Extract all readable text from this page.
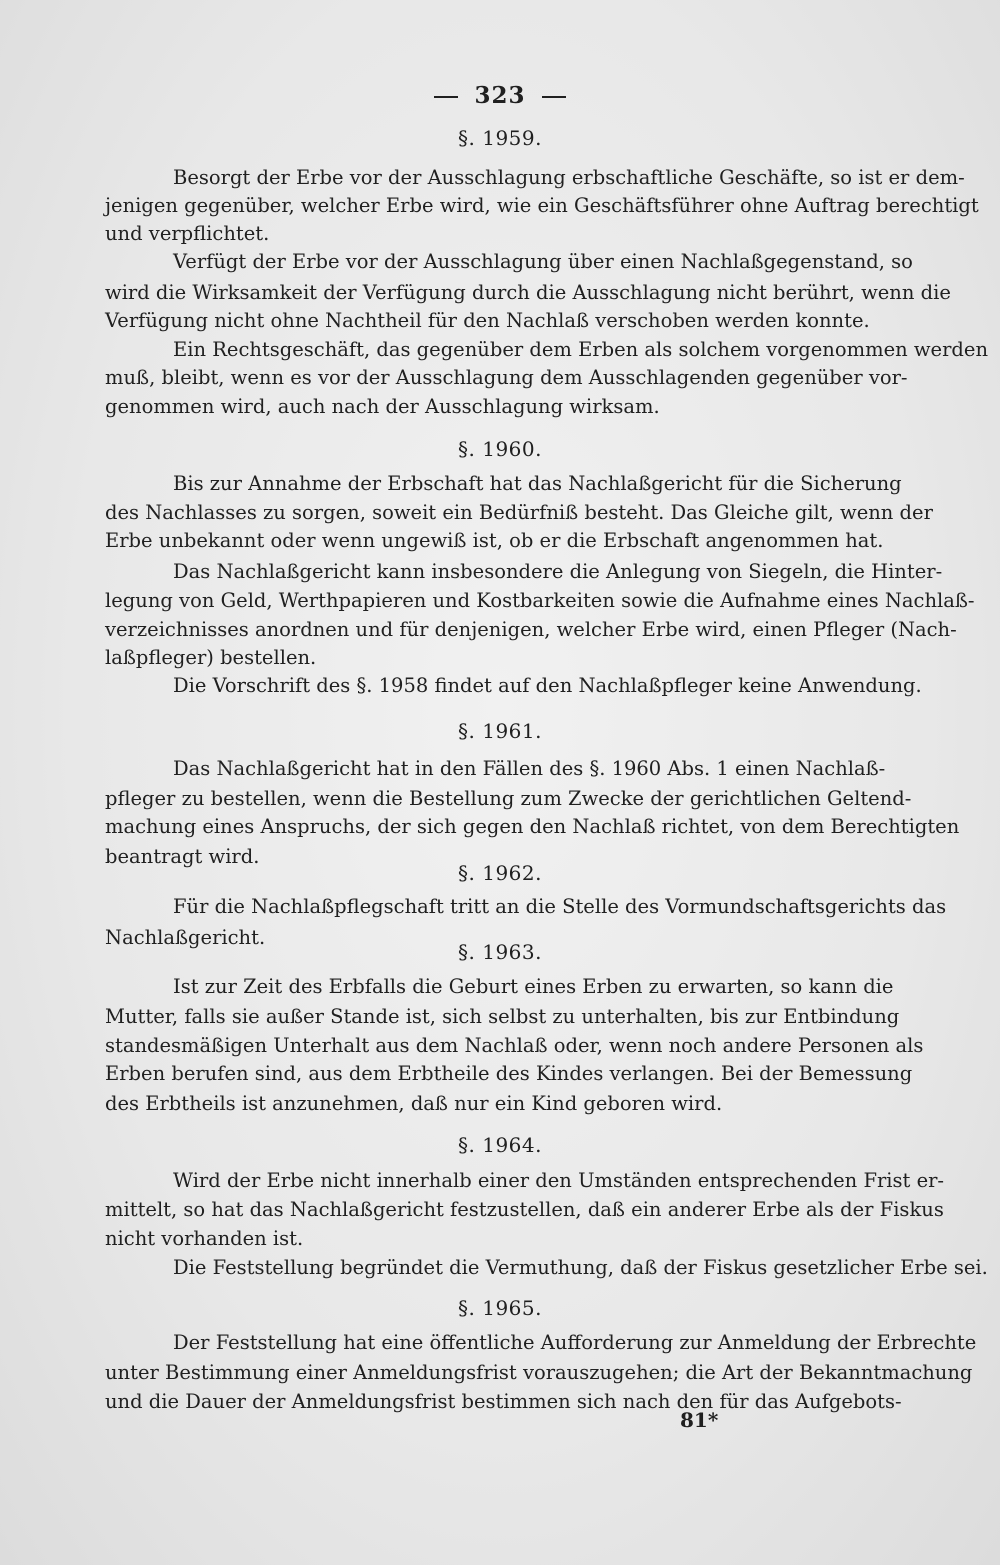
323
§. 1959.
Besorgt der Erbe vor der Ausschlagung erbschaftliche Geschäfte, so ist er dem-
jenigen gegenüber, welcher Erbe wird, wie ein Geschäftsführer ohne Auftrag berechtigt
und verpflichtet.
Verfügt der Erbe vor der Ausschlagung über einen Nachlaßgegenstand, so
wird die Wirksamkeit der Verfügung durch die Ausschlagung nicht berührt, wenn die
Verfügung nicht ohne Nachtheil für den Nachlaß verschoben werden konnte.
Ein Rechtsgeschäft, das gegenüber dem Erben als solchem vorgenommen werden
muß, bleibt, wenn es vor der Ausschlagung dem Ausschlagenden gegenüber vor-
genommen wird, auch nach der Ausschlagung wirksam.
§. 1960.
Bis zur Annahme der Erbschaft hat das Nachlaßgericht für die Sicherung
des Nachlasses zu sorgen, soweit ein Bedürfniß besteht. Das Gleiche gilt, wenn der
Erbe unbekannt oder wenn ungewiß ist, ob er die Erbschaft angenommen hat.
Das Nachlaßgericht kann insbesondere die Anlegung von Siegeln, die Hinter-
legung von Geld, Werthpapieren und Kostbarkeiten sowie die Aufnahme eines Nachlaß-
verzeichnisses anordnen und für denjenigen, welcher Erbe wird, einen Pfleger (Nach-
laßpfleger) bestellen.
Die Vorschrift des §. 1958 findet auf den Nachlaßpfleger keine Anwendung.
§. 1961.
Das Nachlaßgericht hat in den Fällen des §. 1960 Abs. 1 einen Nachlaß-
pfleger zu bestellen, wenn die Bestellung zum Zwecke der gerichtlichen Geltend-
machung eines Anspruchs, der sich gegen den Nachlaß richtet, von dem Berechtigten
beantragt wird.
§. 1962.
Für die Nachlaßpflegschaft tritt an die Stelle des Vormundschaftsgerichts das
Nachlaßgericht.
§. 1963.
Ist zur Zeit des Erbfalls die Geburt eines Erben zu erwarten, so kann die
Mutter, falls sie außer Stande ist, sich selbst zu unterhalten, bis zur Entbindung
standesmäßigen Unterhalt aus dem Nachlaß oder, wenn noch andere Personen als
Erben berufen sind, aus dem Erbtheile des Kindes verlangen. Bei der Bemessung
des Erbtheils ist anzunehmen, daß nur ein Kind geboren wird.
§. 1964.
Wird der Erbe nicht innerhalb einer den Umständen entsprechenden Frist er-
mittelt, so hat das Nachlaßgericht festzustellen, daß ein anderer Erbe als der Fiskus
nicht vorhanden ist.
Die Feststellung begründet die Vermuthung, daß der Fiskus gesetzlicher Erbe sei.
§. 1965.
Der Feststellung hat eine öffentliche Aufforderung zur Anmeldung der Erbrechte
unter Bestimmung einer Anmeldungsfrist vorauszugehen; die Art der Bekanntmachung
und die Dauer der Anmeldungsfrist bestimmen sich nach den für das Aufgebots-
81*
